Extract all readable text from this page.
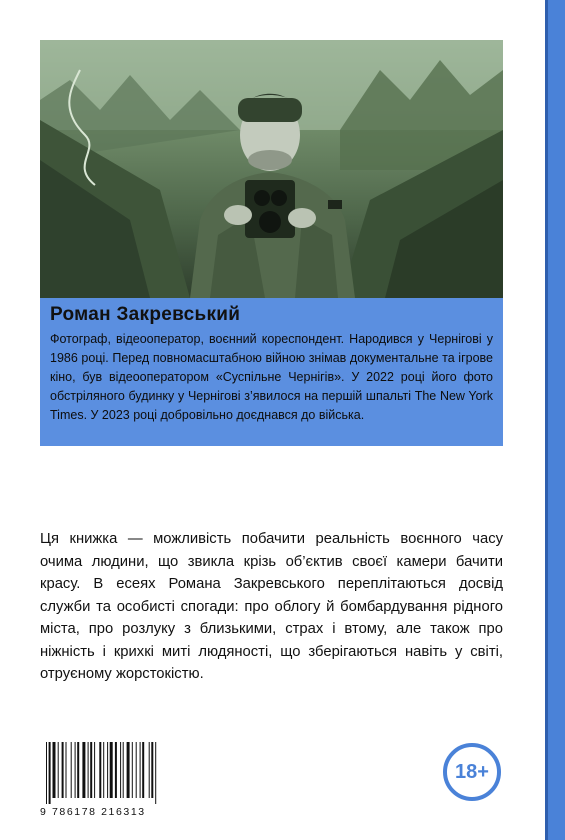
Роман Закревський

Фотограф, відеооператор, воєнний кореспондент. Народився у Чернігові у 1986 році. Перед повномасштабною війною знімав документальне та ігрове кіно, був відеооператором «Суспільне Чернігів». У 2022 році його фото обстріляного будинку у Чернігові з’явилося на першій шпальті The New York Times. У 2023 році добровільно доєднався до війська.

Ця книжка — можливість побачити реальність воєнного часу очима людини, що звикла крізь об’єктив своєї камери бачити красу. В есеях Романа Закревського переплітаються досвід служби та особисті спогади: про облогу й бомбардування рідного міста, про розлуку з близькими, страх і втому, але також про ніжність і крихкі миті людяності, що зберігаються навіть у світі, отруєному жорстокістю.

9 786178 216313
18+
